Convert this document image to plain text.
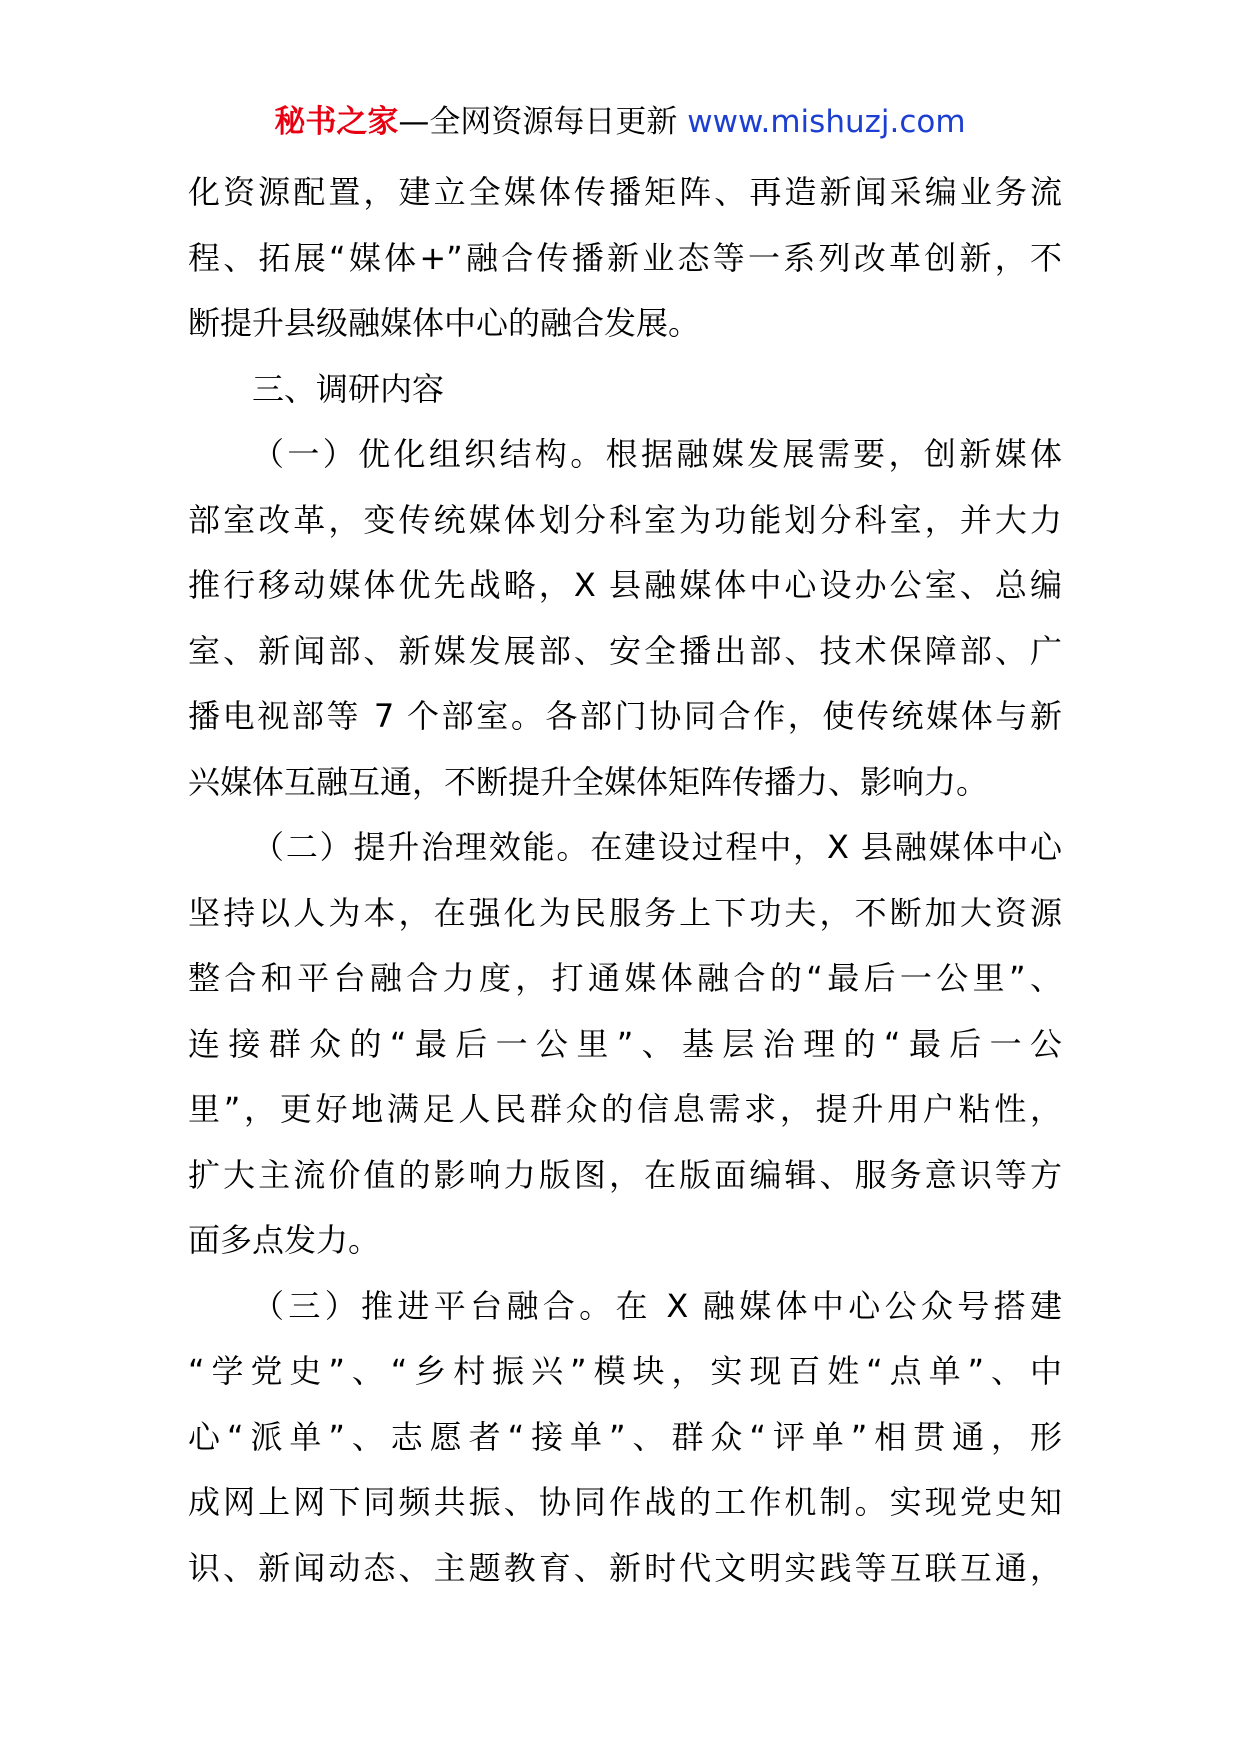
秘书之家—全网资源每日更新 www.mishuzj.com
化资源配置，建立全媒体传播矩阵、再造新闻采编业务流
程、拓展“媒体+”融合传播新业态等一系列改革创新，不
断提升县级融媒体中心的融合发展。
三、调研内容
（一）优化组织结构。根据融媒发展需要，创新媒体
部室改革，变传统媒体划分科室为功能划分科室，并大力
推行移动媒体优先战略，X 县融媒体中心设办公室、总编
室、新闻部、新媒发展部、安全播出部、技术保障部、广
播电视部等 7 个部室。各部门协同合作，使传统媒体与新
兴媒体互融互通，不断提升全媒体矩阵传播力、影响力。
（二）提升治理效能。在建设过程中，X 县融媒体中心
坚持以人为本，在强化为民服务上下功夫，不断加大资源
整合和平台融合力度，打通媒体融合的“最后一公里”、
连接群众的“最后一公里”、基层治理的“最后一公
里”，更好地满足人民群众的信息需求，提升用户粘性，
扩大主流价值的影响力版图，在版面编辑、服务意识等方
面多点发力。
（三）推进平台融合。在 X 融媒体中心公众号搭建
“学党史”、“乡村振兴”模块，实现百姓“点单”、中
心“派单”、志愿者“接单”、群众“评单”相贯通，形
成网上网下同频共振、协同作战的工作机制。实现党史知
识、新闻动态、主题教育、新时代文明实践等互联互通，
